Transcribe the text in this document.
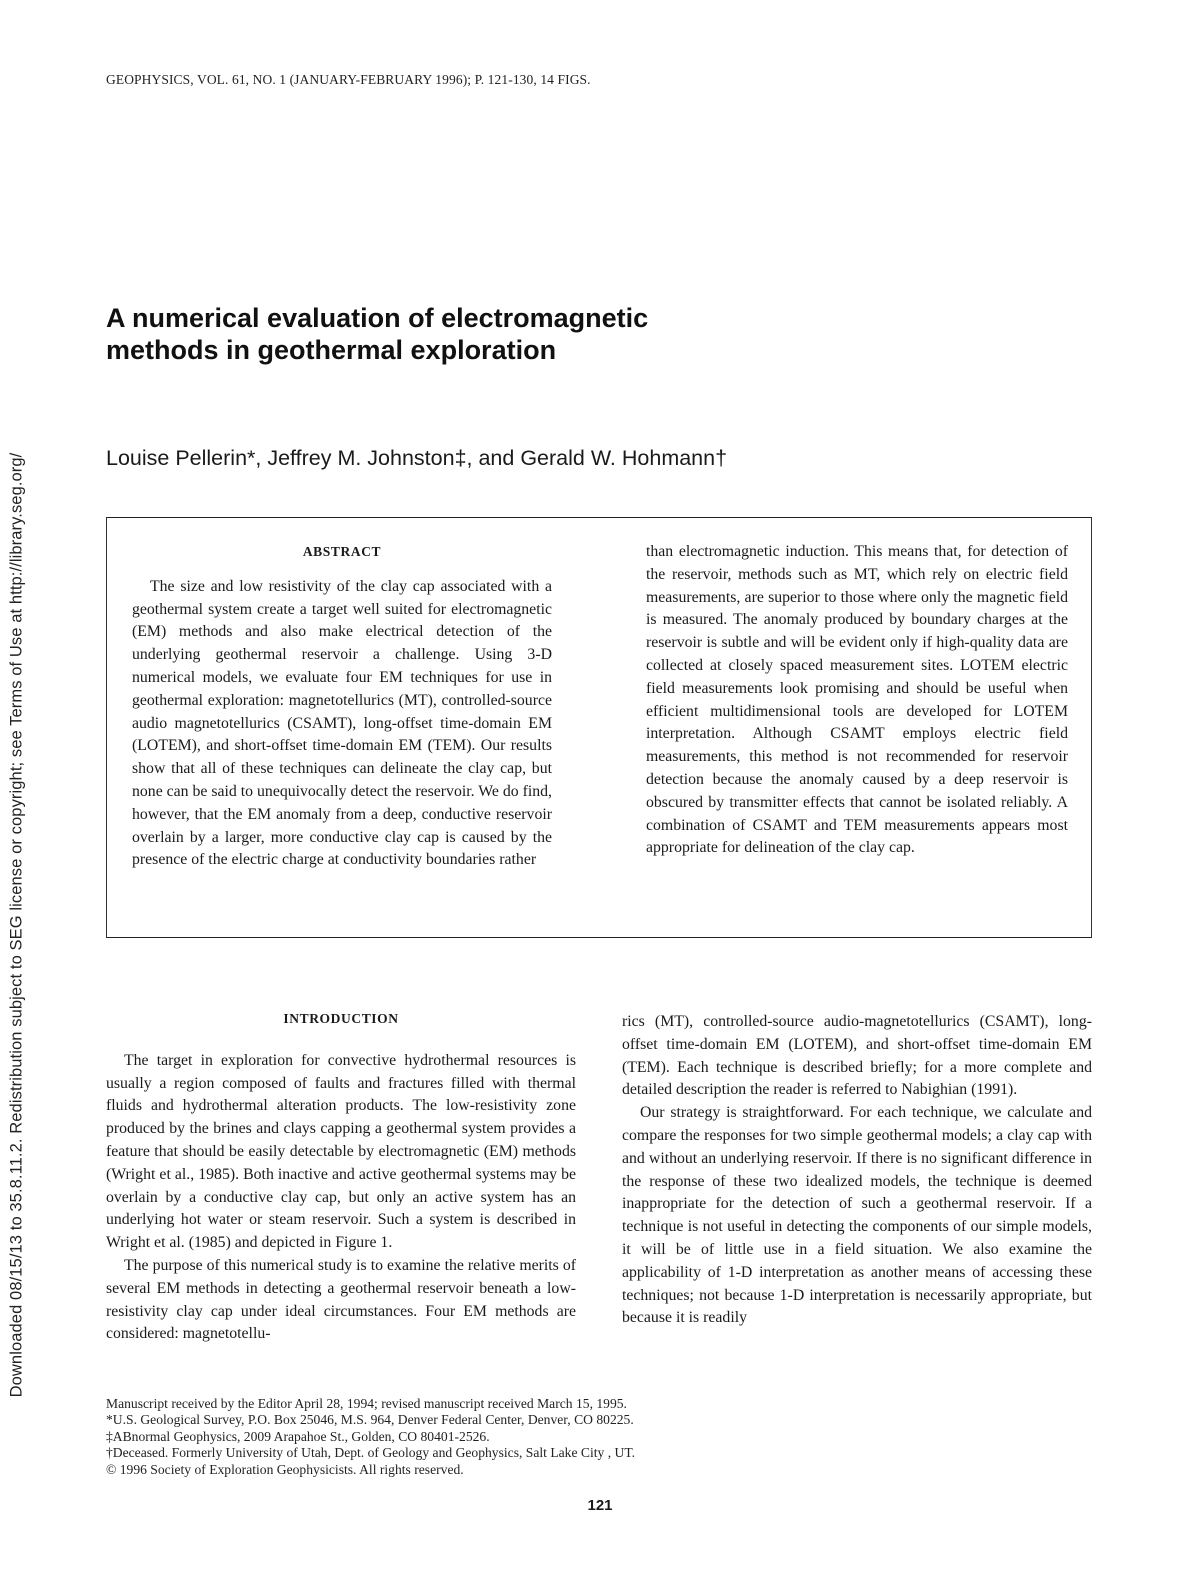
Downloaded 08/15/13 to 35.8.11.2. Redistribution subject to SEG license or copyright; see Terms of Use at http://library.seg.org/
GEOPHYSICS, VOL. 61, NO. 1 (JANUARY-FEBRUARY 1996); P. 121-130, 14 FIGS.
A numerical evaluation of electromagnetic
methods in geothermal exploration
Louise Pellerin*, Jeffrey M. Johnston‡, and Gerald W. Hohmann†
ABSTRACT

The size and low resistivity of the clay cap associated with a geothermal system create a target well suited for electromagnetic (EM) methods and also make electrical detection of the underlying geothermal reservoir a challenge. Using 3-D numerical models, we evaluate four EM techniques for use in geothermal exploration: magnetotellurics (MT), controlled-source audio magnetotellurics (CSAMT), long-offset time-domain EM (LOTEM), and short-offset time-domain EM (TEM). Our results show that all of these techniques can delineate the clay cap, but none can be said to unequivocally detect the reservoir. We do find, however, that the EM anomaly from a deep, conductive reservoir overlain by a larger, more conductive clay cap is caused by the presence of the electric charge at conductivity boundaries rather

than electromagnetic induction. This means that, for detection of the reservoir, methods such as MT, which rely on electric field measurements, are superior to those where only the magnetic field is measured. The anomaly produced by boundary charges at the reservoir is subtle and will be evident only if high-quality data are collected at closely spaced measurement sites. LOTEM electric field measurements look promising and should be useful when efficient multidimensional tools are developed for LOTEM interpretation. Although CSAMT employs electric field measurements, this method is not recommended for reservoir detection because the anomaly caused by a deep reservoir is obscured by transmitter effects that cannot be isolated reliably. A combination of CSAMT and TEM measurements appears most appropriate for delineation of the clay cap.

INTRODUCTION

The target in exploration for convective hydrothermal resources is usually a region composed of faults and fractures filled with thermal fluids and hydrothermal alteration products. The low-resistivity zone produced by the brines and clays capping a geothermal system provides a feature that should be easily detectable by electromagnetic (EM) methods (Wright et al., 1985). Both inactive and active geothermal systems may be overlain by a conductive clay cap, but only an active system has an underlying hot water or steam reservoir. Such a system is described in Wright et al. (1985) and depicted in Figure 1.

The purpose of this numerical study is to examine the relative merits of several EM methods in detecting a geothermal reservoir beneath a low-resistivity clay cap under ideal circumstances. Four EM methods are considered: magnetotellu-

rics (MT), controlled-source audio-magnetotellurics (CSAMT), long-offset time-domain EM (LOTEM), and short-offset time-domain EM (TEM). Each technique is described briefly; for a more complete and detailed description the reader is referred to Nabighian (1991).

Our strategy is straightforward. For each technique, we calculate and compare the responses for two simple geothermal models; a clay cap with and without an underlying reservoir. If there is no significant difference in the response of these two idealized models, the technique is deemed inappropriate for the detection of such a geothermal reservoir. If a technique is not useful in detecting the components of our simple models, it will be of little use in a field situation. We also examine the applicability of 1-D interpretation as another means of accessing these techniques; not because 1-D interpretation is necessarily appropriate, but because it is readily

Manuscript received by the Editor April 28, 1994; revised manuscript received March 15, 1995.
*U.S. Geological Survey, P.O. Box 25046, M.S. 964, Denver Federal Center, Denver, CO 80225.
‡ABnormal Geophysics, 2009 Arapahoe St., Golden, CO 80401-2526.
†Deceased. Formerly University of Utah, Dept. of Geology and Geophysics, Salt Lake City , UT.
© 1996 Society of Exploration Geophysicists. All rights reserved.
121
